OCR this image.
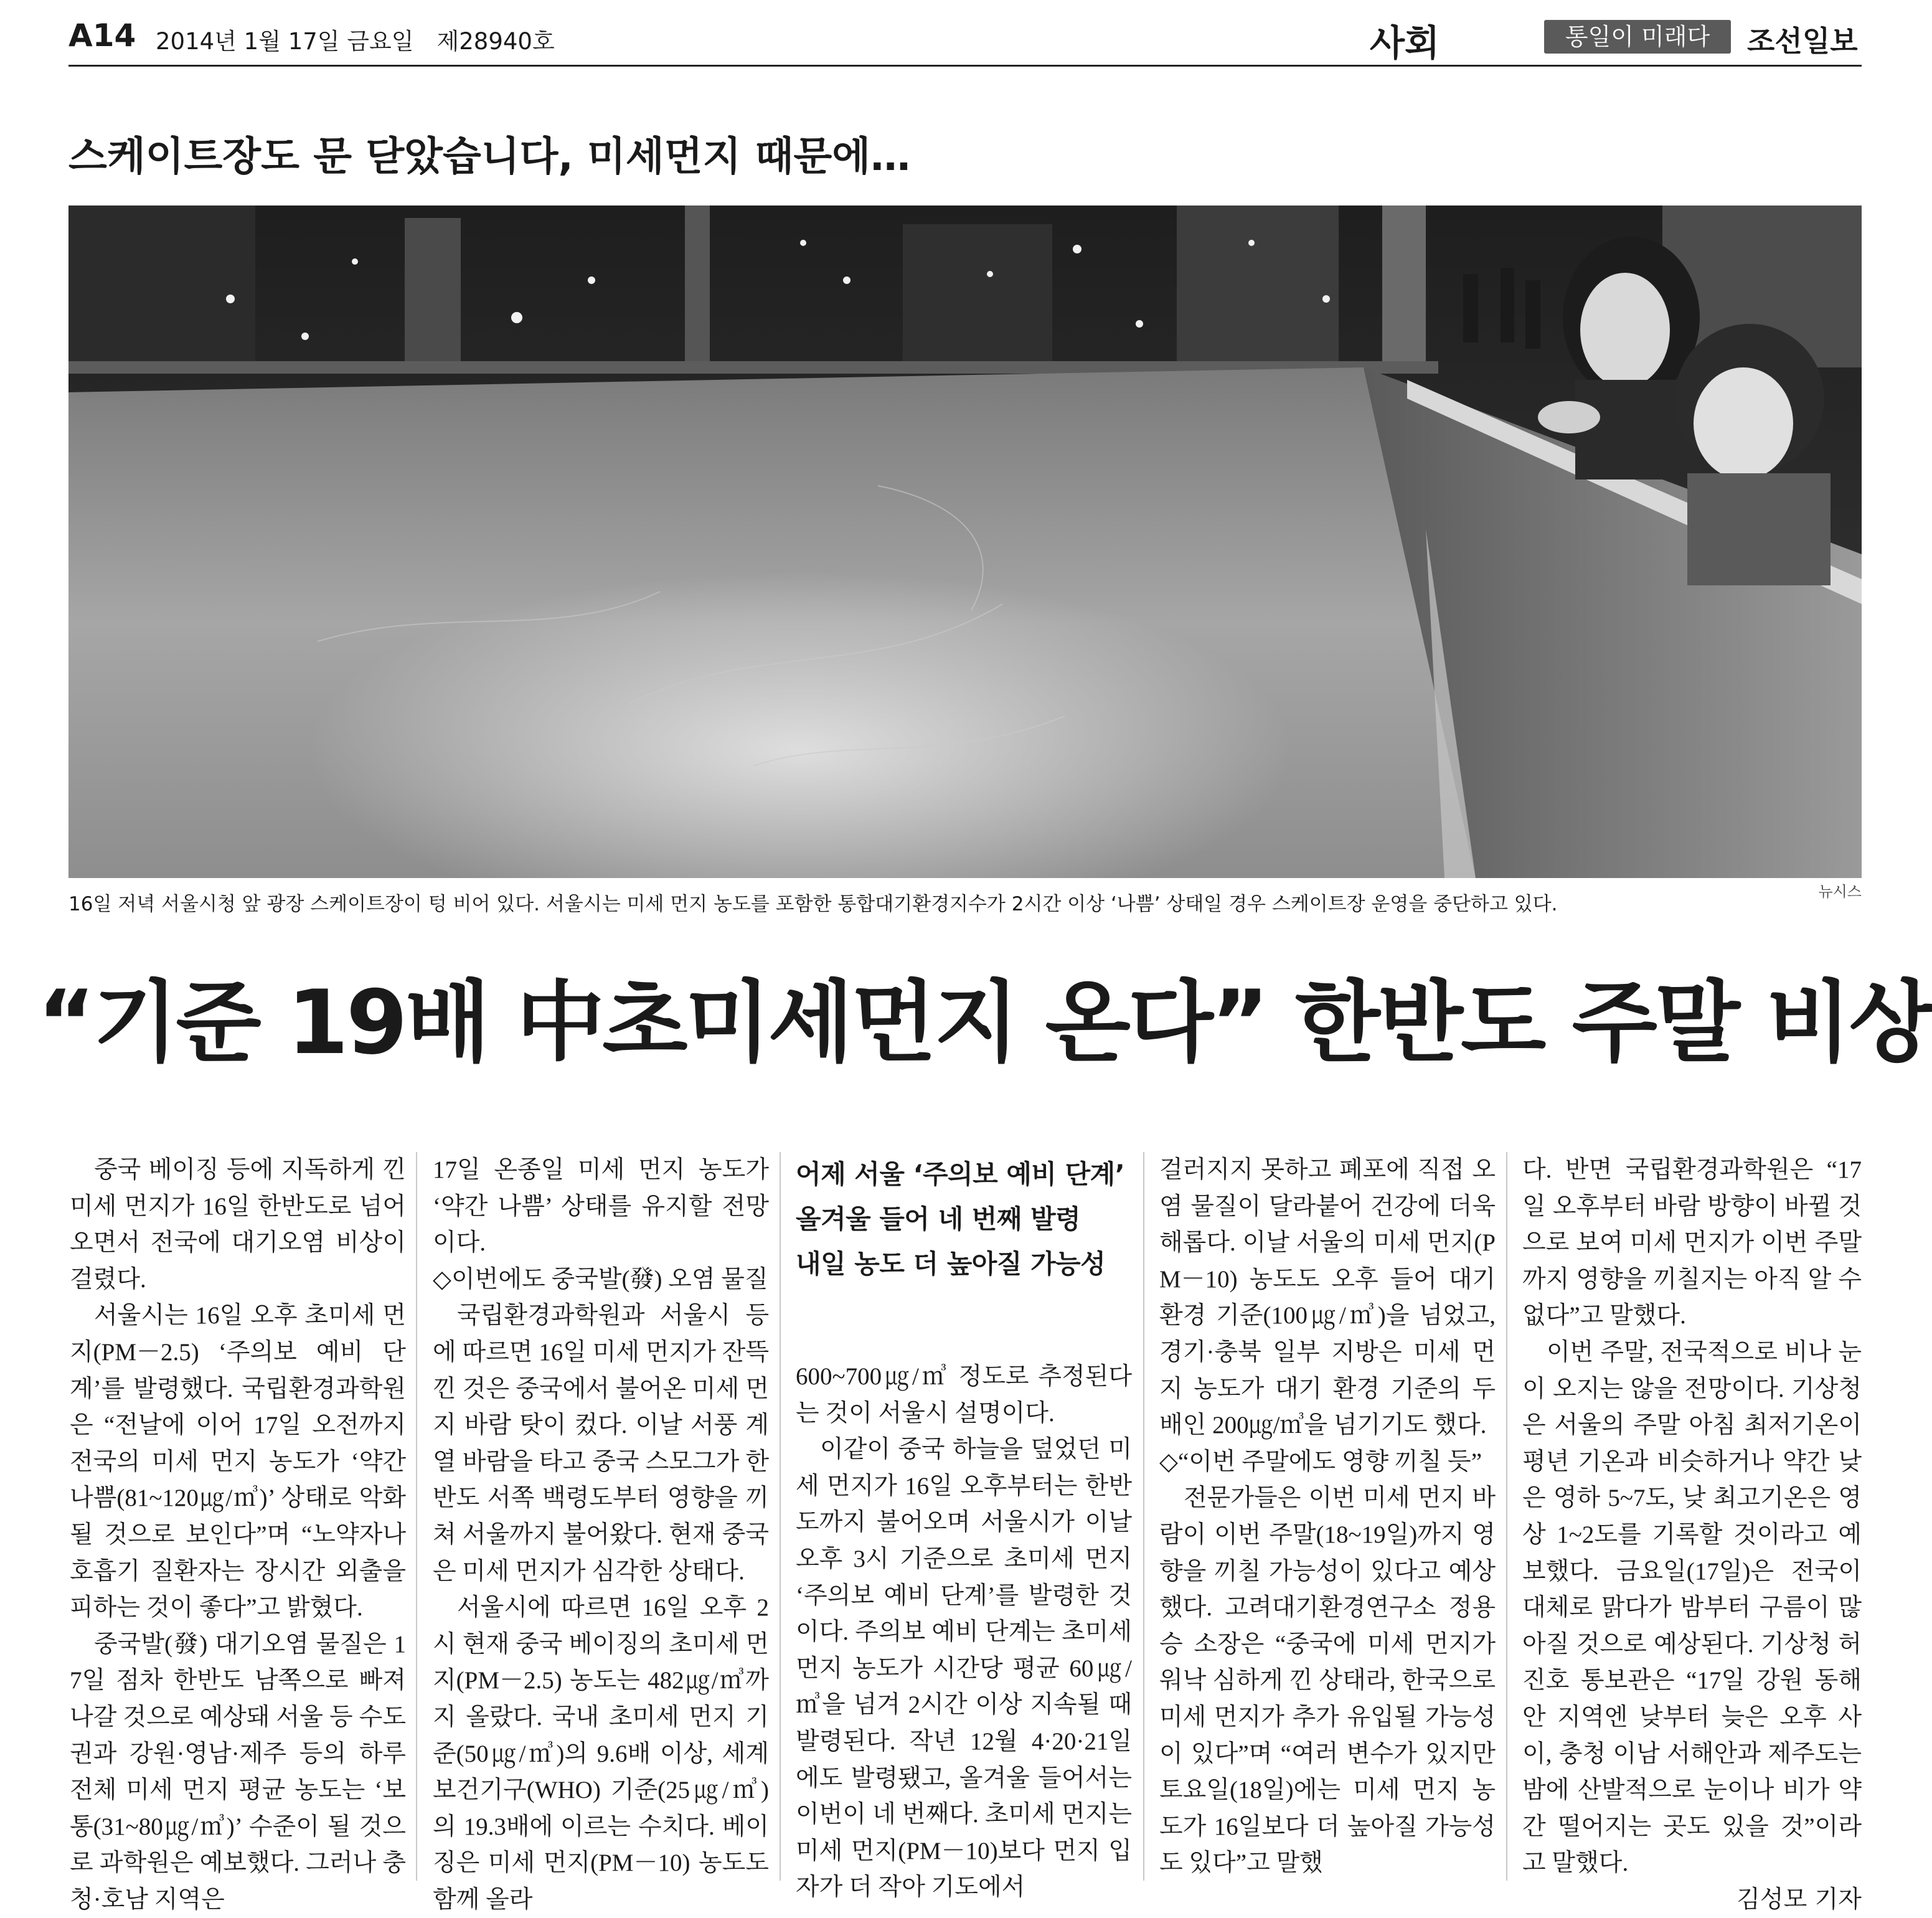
A14 2014년 1월 17일 금요일　제28940호	사회	통일이 미래다	조선일보
스케이트장도 문 닫았습니다, 미세먼지 때문에…
16일 저녁 서울시청 앞 광장 스케이트장이 텅 비어 있다. 서울시는 미세 먼지 농도를 포함한 통합대기환경지수가 2시간 이상 ‘나쁨’ 상태일 경우 스케이트장 운영을 중단하고 있다.
뉴시스
“기준 19배 中초미세먼지 온다” 한반도 주말 비상

중국 베이징 등에 지독하게 낀 미세 먼지가 16일 한반도로 넘어오면서 전국에 대기오염 비상이 걸렸다.

서울시는 16일 오후 초미세 먼지(PM－2.5) ‘주의보 예비 단계’를 발령했다. 국립환경과학원은 “전날에 이어 17일 오전까지 전국의 미세 먼지 농도가 ‘약간 나쁨(81~120㎍/㎥)’ 상태로 악화될 것으로 보인다”며 “노약자나 호흡기 질환자는 장시간 외출을 피하는 것이 좋다”고 밝혔다.

중국발(發) 대기오염 물질은 17일 점차 한반도 남쪽으로 빠져나갈 것으로 예상돼 서울 등 수도권과 강원·영남·제주 등의 하루 전체 미세 먼지 평균 농도는 ‘보통(31~80㎍/㎥)’ 수준이 될 것으로 과학원은 예보했다. 그러나 충청·호남 지역은

17일 온종일 미세 먼지 농도가 ‘약간 나쁨’ 상태를 유지할 전망이다.

◇이번에도 중국발(發) 오염 물질

국립환경과학원과 서울시 등에 따르면 16일 미세 먼지가 잔뜩 낀 것은 중국에서 불어온 미세 먼지 바람 탓이 컸다. 이날 서풍 계열 바람을 타고 중국 스모그가 한반도 서쪽 백령도부터 영향을 끼쳐 서울까지 불어왔다. 현재 중국은 미세 먼지가 심각한 상태다.

서울시에 따르면 16일 오후 2시 현재 중국 베이징의 초미세 먼지(PM－2.5) 농도는 482㎍/㎥까지 올랐다. 국내 초미세 먼지 기준(50㎍/㎥)의 9.6배 이상, 세계보건기구(WHO) 기준(25㎍/㎥)의 19.3배에 이르는 수치다. 베이징은 미세 먼지(PM－10) 농도도 함께 올라

어제 서울 ‘주의보 예비 단계’
올겨울 들어 네 번째 발령
내일 농도 더 높아질 가능성

600~700㎍/㎥ 정도로 추정된다는 것이 서울시 설명이다.

이같이 중국 하늘을 덮었던 미세 먼지가 16일 오후부터는 한반도까지 불어오며 서울시가 이날 오후 3시 기준으로 초미세 먼지 ‘주의보 예비 단계’를 발령한 것이다. 주의보 예비 단계는 초미세 먼지 농도가 시간당 평균 60㎍/㎥을 넘겨 2시간 이상 지속될 때 발령된다. 작년 12월 4·20·21일에도 발령됐고, 올겨울 들어서는 이번이 네 번째다. 초미세 먼지는 미세 먼지(PM－10)보다 먼지 입자가 더 작아 기도에서

걸러지지 못하고 폐포에 직접 오염 물질이 달라붙어 건강에 더욱 해롭다. 이날 서울의 미세 먼지(PM－10) 농도도 오후 들어 대기 환경 기준(100㎍/㎥)을 넘었고, 경기·충북 일부 지방은 미세 먼지 농도가 대기 환경 기준의 두 배인 200㎍/㎥을 넘기기도 했다.

◇“이번 주말에도 영향 끼칠 듯”

전문가들은 이번 미세 먼지 바람이 이번 주말(18~19일)까지 영향을 끼칠 가능성이 있다고 예상했다. 고려대기환경연구소 정용승 소장은 “중국에 미세 먼지가 워낙 심하게 낀 상태라, 한국으로 미세 먼지가 추가 유입될 가능성이 있다”며 “여러 변수가 있지만 토요일(18일)에는 미세 먼지 농도가 16일보다 더 높아질 가능성도 있다”고 말했

다. 반면 국립환경과학원은 “17일 오후부터 바람 방향이 바뀔 것으로 보여 미세 먼지가 이번 주말까지 영향을 끼칠지는 아직 알 수 없다”고 말했다.

이번 주말, 전국적으로 비나 눈이 오지는 않을 전망이다. 기상청은 서울의 주말 아침 최저기온이 평년 기온과 비슷하거나 약간 낮은 영하 5~7도, 낮 최고기온은 영상 1~2도를 기록할 것이라고 예보했다. 금요일(17일)은 전국이 대체로 맑다가 밤부터 구름이 많아질 것으로 예상된다. 기상청 허진호 통보관은 “17일 강원 동해안 지역엔 낮부터 늦은 오후 사이, 충청 이남 서해안과 제주도는 밤에 산발적으로 눈이나 비가 약간 떨어지는 곳도 있을 것”이라고 말했다.

김성모 기자
